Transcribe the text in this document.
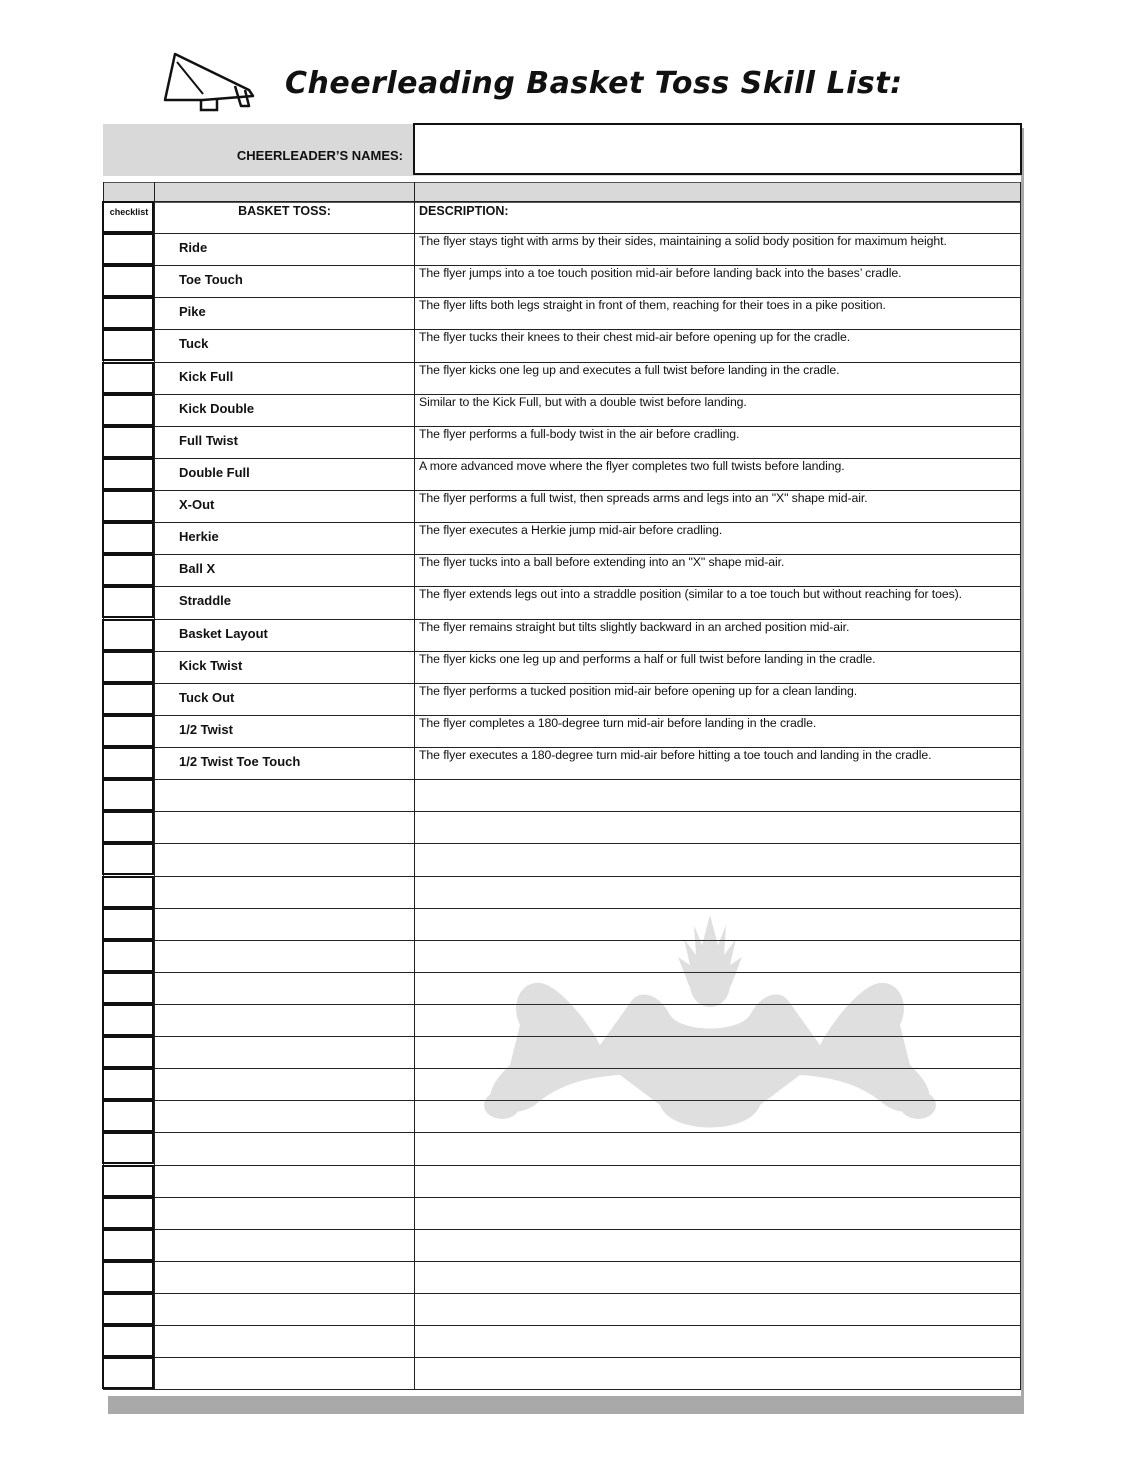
Cheerleading Basket Toss Skill List:
CHEERLEADER’S NAMES:
checklist	BASKET TOSS:	DESCRIPTION:
Ride	The flyer stays tight with arms by their sides, maintaining a solid body position for maximum height.
Toe Touch	The flyer jumps into a toe touch position mid-air before landing back into the bases’ cradle.
Pike	The flyer lifts both legs straight in front of them, reaching for their toes in a pike position.
Tuck	The flyer tucks their knees to their chest mid-air before opening up for the cradle.
Kick Full	The flyer kicks one leg up and executes a full twist before landing in the cradle.
Kick Double	Similar to the Kick Full, but with a double twist before landing.
Full Twist	The flyer performs a full-body twist in the air before cradling.
Double Full	A more advanced move where the flyer completes two full twists before landing.
X-Out	The flyer performs a full twist, then spreads arms and legs into an "X" shape mid-air.
Herkie	The flyer executes a Herkie jump mid-air before cradling.
Ball X	The flyer tucks into a ball before extending into an "X" shape mid-air.
Straddle	The flyer extends legs out into a straddle position (similar to a toe touch but without reaching for toes).
Basket Layout	The flyer remains straight but tilts slightly backward in an arched position mid-air.
Kick Twist	The flyer kicks one leg up and performs a half or full twist before landing in the cradle.
Tuck Out	The flyer performs a tucked position mid-air before opening up for a clean landing.
1/2 Twist	The flyer completes a 180-degree turn mid-air before landing in the cradle.
1/2 Twist Toe Touch	The flyer executes a 180-degree turn mid-air before hitting a toe touch and landing in the cradle.
